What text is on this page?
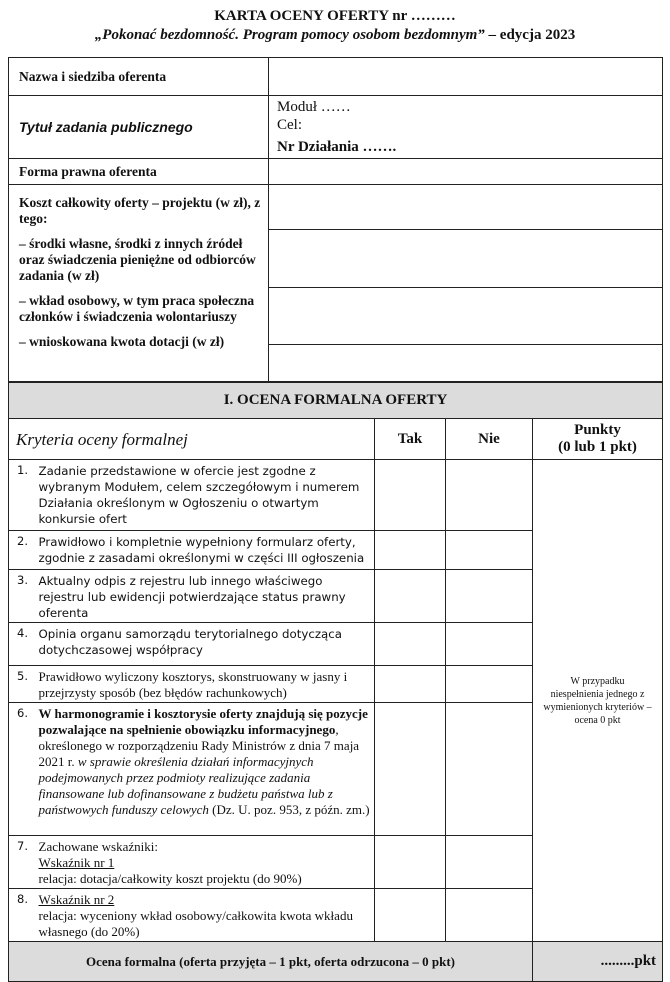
KARTA OCENY OFERTY nr ………
„Pokonać bezdomność. Program pomocy osobom bezdomnym” – edycja 2023
Nazwa i siedziba oferenta	
Tytuł zadania publicznego	Moduł ……
Cel:
Nr Działania …….

Forma prawna oferenta	

Koszt całkowity oferty – projektu (w zł), z tego:

– środki własne, środki z innych źródeł oraz świadczenia pieniężne od odbiorców zadania (w zł)

– wkład osobowy, w tym praca społeczna członków i świadczenia wolontariuszy

– wnioskowana kwota dotacji (w zł)	

I. OCENA FORMALNA OFERTY				
Kryteria oceny formalnej		Tak	Nie	Punkty
(0 lub 1 pkt)

1.	Zadanie przedstawione w ofercie jest zgodne z wybranym Modułem, celem szczegółowym i numerem Działania określonym w Ogłoszeniu o otwartym konkursie ofert			W przypadku niespełnienia jednego z wymienionych kryteriów – ocena 0 pkt
2.	Prawidłowo i kompletnie wypełniony formularz oferty, zgodnie z zasadami określonymi w części III ogłoszenia			
3.	Aktualny odpis z rejestru lub innego właściwego rejestru lub ewidencji potwierdzające status prawny oferenta			
4.	Opinia organu samorządu terytorialnego dotycząca dotychczasowej współpracy			
5.	Prawidłowo wyliczony kosztorys, skonstruowany w jasny i przejrzysty sposób (bez błędów rachunkowych)			
6.	W harmonogramie i kosztorysie oferty znajdują się pozycje pozwalające na spełnienie obowiązku informacyjnego, określonego w rozporządzeniu Rady Ministrów z dnia 7 maja 2021 r. w sprawie określenia działań informacyjnych podejmowanych przez podmioty realizujące zadania finansowane lub dofinansowane z budżetu państwa lub z państwowych funduszy celowych (Dz. U. poz. 953, z późn. zm.)			
7.	Zachowane wskaźniki:
Wskaźnik nr 1
relacja: dotacja/całkowity koszt projektu (do 90%)			

8.	Wskaźnik nr 2
relacja: wyceniony wkład osobowy/całkowita kwota wkładu własnego (do 20%)			

Ocena formalna (oferta przyjęta – 1 pkt, oferta odrzucona – 0 pkt)				.........pkt
